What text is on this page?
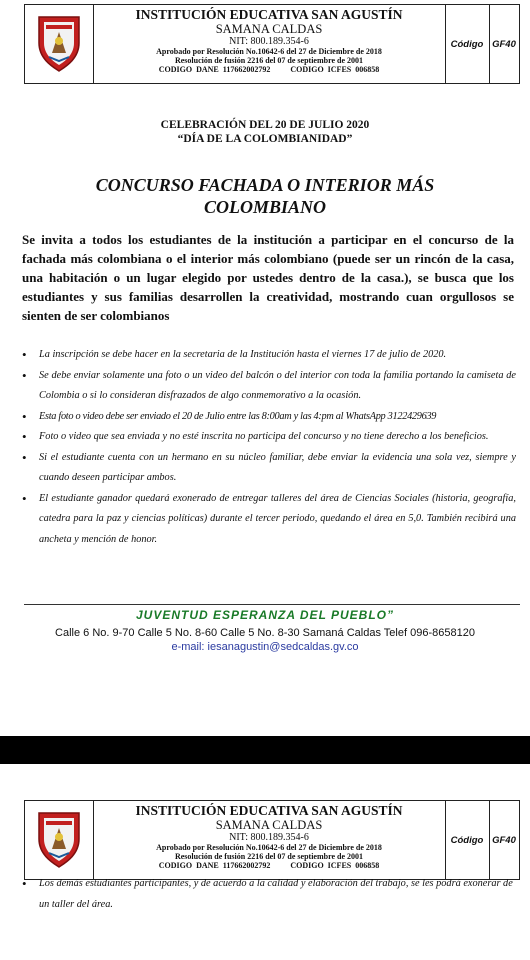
INSTITUCIÓN EDUCATIVA SAN AGUSTÍN
SAMANA CALDAS
NIT: 800.189.354-6
Aprobado por Resolución No.10642-6 del 27 de Diciembre de 2018
Resolución de fusión 2216 del 07 de septiembre de 2001
CODIGO DANE 117662002792	CODIGO ICFES 006858
Código GF40
CELEBRACIÓN DEL 20 DE JULIO 2020
“DÍA DE LA COLOMBIANIDAD”
CONCURSO FACHADA O INTERIOR MÁS
COLOMBIANO
Se invita a todos los estudiantes de la institución a participar en el concurso de la fachada más colombiana o el interior más colombiano (puede ser un rincón de la casa, una habitación o un lugar elegido por ustedes dentro de la casa.), se busca que los estudiantes y sus familias desarrollen la creatividad, mostrando cuan orgullosos se sienten de ser colombianos
• La inscripción se debe hacer en la secretaria de la Institución hasta el viernes 17 de julio de 2020.
• Se debe enviar solamente una foto o un video del balcón o del interior con toda la familia portando la camiseta de Colombia o si lo consideran disfrazados de algo conmemorativo a la ocasión.
• Esta foto o video debe ser enviado el 20 de Julio entre las 8:00am y las 4:pm al WhatsApp 3122429639
• Foto o video que sea enviada y no esté inscrita no participa del concurso y no tiene derecho a los beneficios.
• Si el estudiante cuenta con un hermano en su núcleo familiar, debe enviar la evidencia una sola vez, siempre y cuando deseen participar ambos.
• El estudiante ganador quedará exonerado de entregar talleres del área de Ciencias Sociales (historia, geografía, catedra para la paz y ciencias políticas) durante el tercer periodo, quedando el área en 5,0. También recibirá una ancheta y mención de honor.
JUVENTUD ESPERANZA DEL PUEBLO”
Calle 6 No. 9-70 Calle 5 No. 8-60 Calle 5 No. 8-30 Samaná Caldas Telef 096-8658120
e-mail: iesanagustin@sedcaldas.gv.co
INSTITUCIÓN EDUCATIVA SAN AGUSTÍN
SAMANA CALDAS
NIT: 800.189.354-6
Aprobado por Resolución No.10642-6 del 27 de Diciembre de 2018
Resolución de fusión 2216 del 07 de septiembre de 2001
CODIGO DANE 117662002792	CODIGO ICFES 006858
Código GF40
• Los demás estudiantes participantes, y de acuerdo a la calidad y elaboración del trabajo, se les podrá exonerar de un taller del área.
